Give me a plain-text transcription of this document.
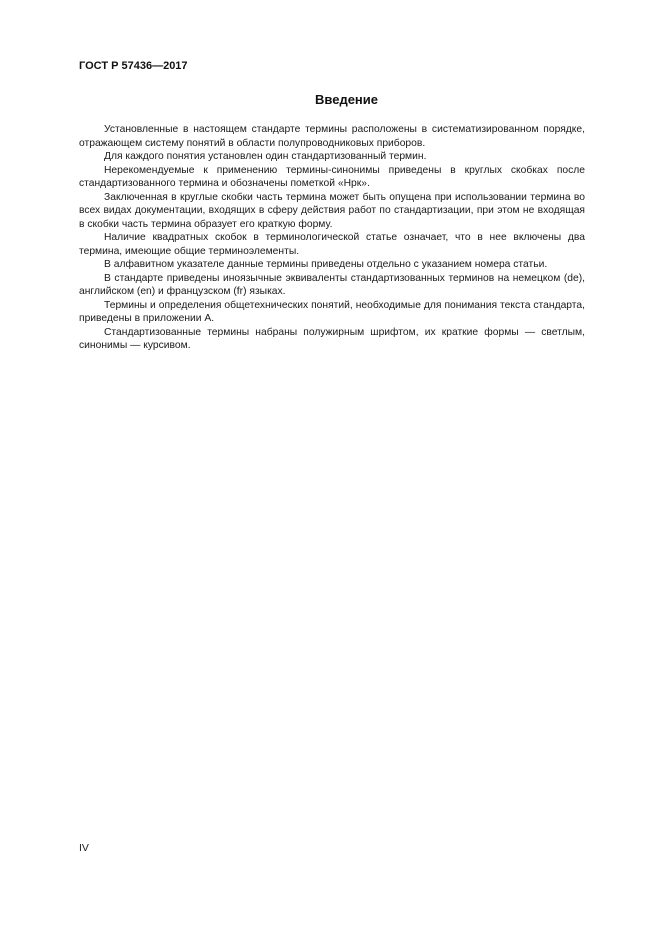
ГОСТ Р 57436—2017
Введение

Установленные в настоящем стандарте термины расположены в систематизированном порядке, отражающем систему понятий в области полупроводниковых приборов.

Для каждого понятия установлен один стандартизованный термин.

Нерекомендуемые к применению термины-синонимы приведены в круглых скобках после стандартизованного термина и обозначены пометкой «Нрк».

Заключенная в круглые скобки часть термина может быть опущена при использовании термина во всех видах документации, входящих в сферу действия работ по стандартизации, при этом не входящая в скобки часть термина образует его краткую форму.

Наличие квадратных скобок в терминологической статье означает, что в нее включены два термина, имеющие общие терминоэлементы.

В алфавитном указателе данные термины приведены отдельно с указанием номера статьи.

В стандарте приведены иноязычные эквиваленты стандартизованных терминов на немецком (de), английском (en) и французском (fr) языках.

Термины и определения общетехнических понятий, необходимые для понимания текста стандарта, приведены в приложении А.

Стандартизованные термины набраны полужирным шрифтом, их краткие формы — светлым, синонимы — курсивом.

IV
